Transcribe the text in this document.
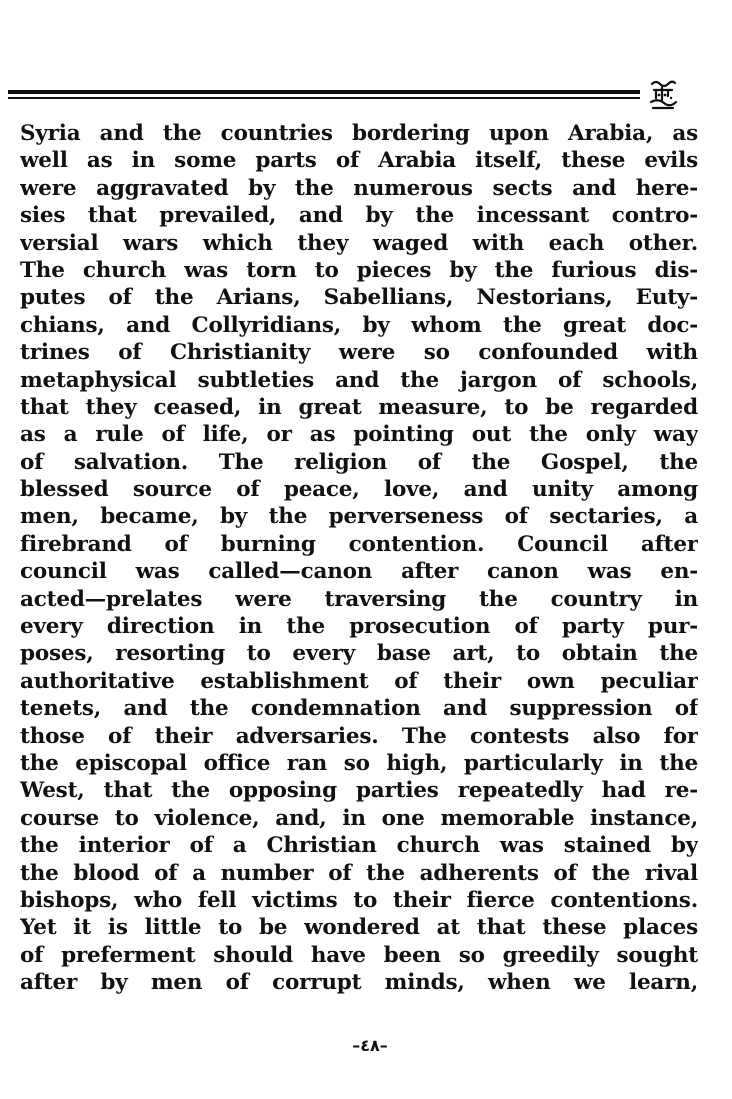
Syria and the countries bordering upon Arabia, as
well as in some parts of Arabia itself, these evils
were aggravated by the numerous sects and here-
sies that prevailed, and by the incessant contro-
versial wars which they waged with each other.
The church was torn to pieces by the furious dis-
putes of the Arians, Sabellians, Nestorians, Euty-
chians, and Collyridians, by whom the great doc-
trines of Christianity were so confounded with
metaphysical subtleties and the jargon of schools,
that they ceased, in great measure, to be regarded
as a rule of life, or as pointing out the only way
of salvation. The religion of the Gospel, the
blessed source of peace, love, and unity among
men, became, by the perverseness of sectaries, a
firebrand of burning contention. Council after
council was called—canon after canon was en-
acted—prelates were traversing the country in
every direction in the prosecution of party pur-
poses, resorting to every base art, to obtain the
authoritative establishment of their own peculiar
tenets, and the condemnation and suppression of
those of their adversaries. The contests also for
the episcopal office ran so high, particularly in the
West, that the opposing parties repeatedly had re-
course to violence, and, in one memorable instance,
the interior of a Christian church was stained by
the blood of a number of the adherents of the rival
bishops, who fell victims to their fierce contentions.
Yet it is little to be wondered at that these places
of preferment should have been so greedily sought
after by men of corrupt minds, when we learn,
–٤٨–
